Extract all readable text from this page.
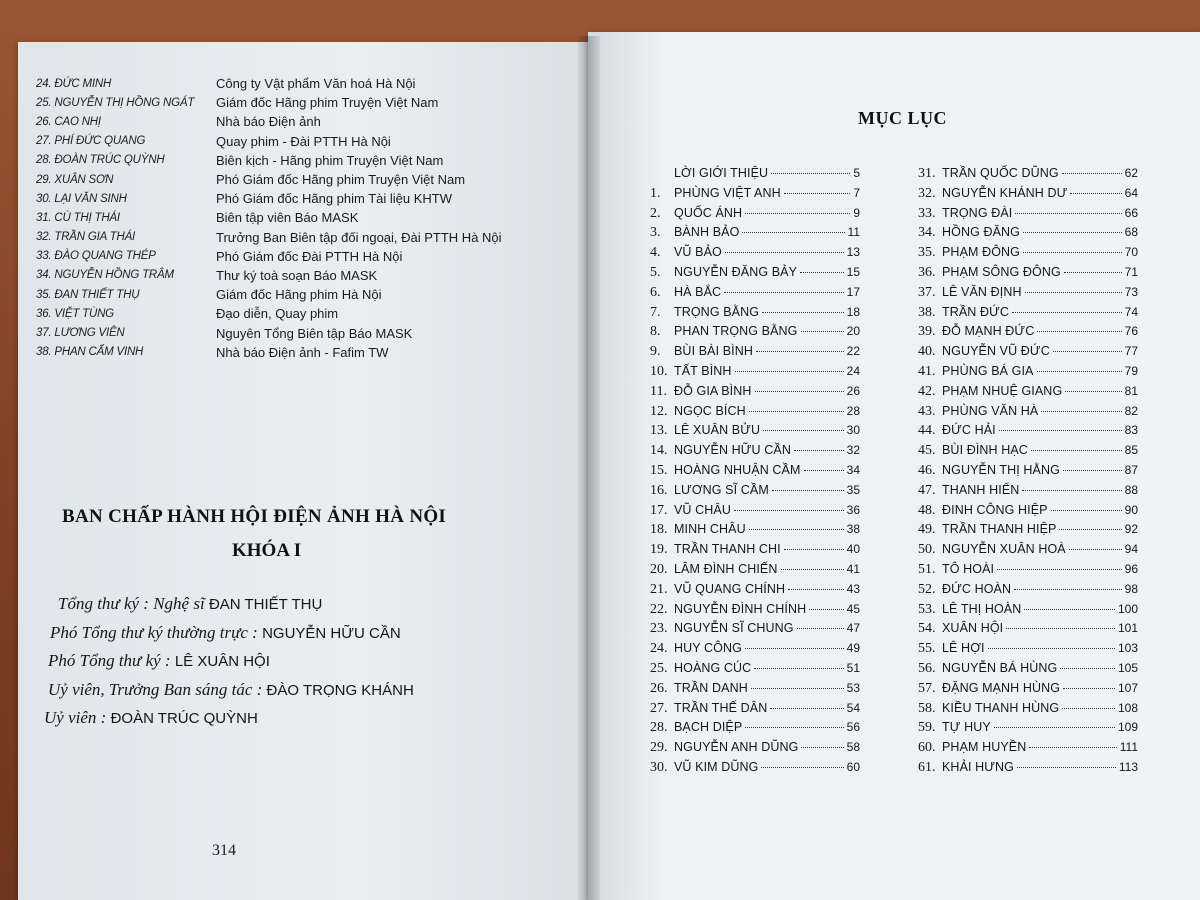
24. ĐỨC MINH	Công ty Vật phẩm Văn hoá Hà Nội
25. NGUYỄN THỊ HỒNG NGÁT	Giám đốc Hãng phim Truyện Việt Nam
26. CAO NHỊ	Nhà báo Điện ảnh
27. PHÍ ĐỨC QUANG	Quay phim - Đài PTTH Hà Nội
28. ĐOÀN TRÚC QUỲNH	Biên kịch - Hãng phim Truyện Việt Nam
29. XUÂN SƠN	Phó Giám đốc Hãng phim Truyện Việt Nam
30. LẠI VĂN SINH	Phó Giám đốc Hãng phim Tài liệu KHTW
31. CÙ THỊ THÁI	Biên tập viên Báo MASK
32. TRẦN GIA THÁI	Trưởng Ban Biên tập đối ngoại, Đài PTTH Hà Nội
33. ĐÀO QUANG THÉP	Phó Giám đốc Đài PTTH Hà Nội
34. NGUYỄN HỒNG TRÂM	Thư ký toà soạn Báo MASK
35. ĐAN THIẾT THỤ	Giám đốc Hãng phim Hà Nội
36. VIỆT TÙNG	Đạo diễn, Quay phim
37. LƯƠNG VIÊN	Nguyên Tổng Biên tập Báo MASK
38. PHAN CẨM VINH	Nhà báo Điện ảnh - Fafim TW
BAN CHẤP HÀNH HỘI ĐIỆN ẢNH HÀ NỘI
KHÓA I
Tổng thư ký : Nghệ sĩ ĐAN THIẾT THỤ
Phó Tổng thư ký thường trực : NGUYỄN HỮU CẦN
Phó Tổng thư ký : LÊ XUÂN HỘI
Uỷ viên, Trưởng Ban sáng tác : ĐÀO TRỌNG KHÁNH
Uỷ viên : ĐOÀN TRÚC QUỲNH
314
MỤC LỤC
LỜI GIỚI THIỆU	5
1.	PHÙNG VIỆT ANH	7
2.	QUỐC ÁNH	9
3.	BÀNH BẢO	11
4.	VŨ BẢO	13
5.	NGUYỄN ĐĂNG BẢY	15
6.	HÀ BẮC	17
7.	TRỌNG BẰNG	18
8.	PHAN TRỌNG BẰNG	20
9.	BÙI BÀI BÌNH	22
10. TẤT BÌNH	24
11. ĐỖ GIA BÌNH	26
12. NGỌC BÍCH	28
13. LÊ XUÂN BỬU	30
14. NGUYỄN HỮU CẦN	32
15. HOÀNG NHUẬN CẦM	34
16. LƯƠNG SĨ CẦM	35
17. VŨ CHÂU	36
18. MINH CHÂU	38
19. TRẦN THANH CHI	40
20. LÂM ĐÌNH CHIẾN	41
21. VŨ QUANG CHÍNH	43
22. NGUYỄN ĐÌNH CHÍNH	45
23. NGUYỄN SĨ CHUNG	47
24. HUY CÔNG	49
25. HOÀNG CÚC	51
26. TRẦN DANH	53
27. TRẦN THẾ DÂN	54
28. BẠCH DIỆP	56
29. NGUYỄN ANH DŨNG	58
30. VŨ KIM DŨNG	60
31. TRẦN QUỐC DŨNG	62
32. NGUYỄN KHÁNH DƯ	64
33. TRỌNG ĐÀI	66
34. HỒNG ĐĂNG	68
35. PHẠM ĐÔNG	70
36. PHẠM SÔNG ĐÔNG	71
37. LÊ VĂN ĐỊNH	73
38. TRẦN ĐỨC	74
39. ĐỖ MẠNH ĐỨC	76
40. NGUYỄN VŨ ĐỨC	77
41. PHÙNG BÁ GIA	79
42. PHẠM NHUỆ GIANG	81
43. PHÙNG VĂN HÀ	82
44. ĐỨC HẢI	83
45. BÙI ĐÌNH HẠC	85
46. NGUYỄN THỊ HẰNG	87
47. THANH HIỂN	88
48. ĐINH CÔNG HIỆP	90
49. TRẦN THANH HIỆP	92
50. NGUYỄN XUÂN HOÀ	94
51. TÔ HOÀI	96
52. ĐỨC HOÀN	98
53. LÊ THỊ HOÀN	100
54. XUÂN HỘI	101
55. LÊ HỢI	103
56. NGUYỄN BÁ HÙNG	105
57. ĐẶNG MẠNH HÙNG	107
58. KIỀU THANH HÙNG	108
59. TỰ HUY	109
60. PHẠM HUYỀN	111
61. KHẢI HƯNG	113
